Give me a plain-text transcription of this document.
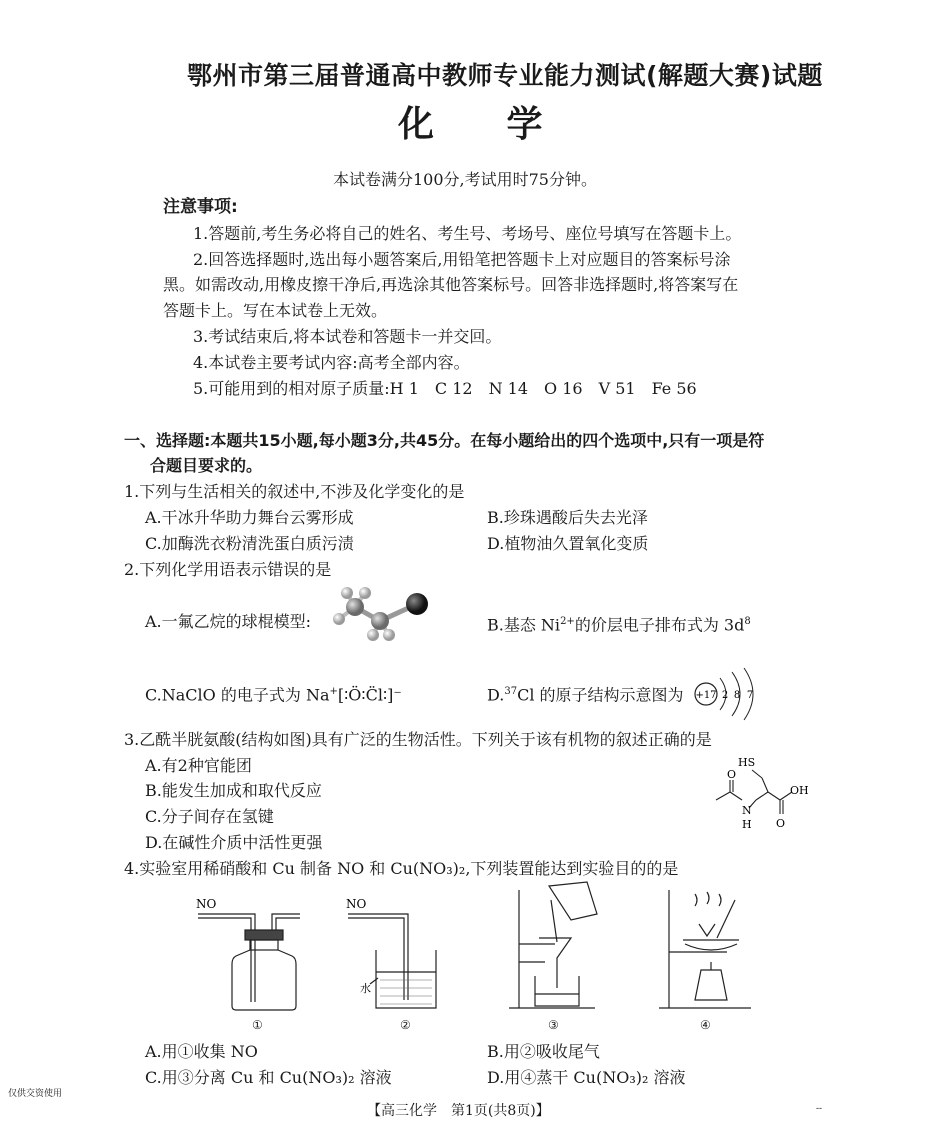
鄂州市第三届普通高中教师专业能力测试(解题大赛)试题
化 学
本试卷满分100分,考试用时75分钟。
注意事项:
1.答题前,考生务必将自己的姓名、考生号、考场号、座位号填写在答题卡上。
2.回答选择题时,选出每小题答案后,用铅笔把答题卡上对应题目的答案标号涂
黑。如需改动,用橡皮擦干净后,再选涂其他答案标号。回答非选择题时,将答案写在
答题卡上。写在本试卷上无效。
3.考试结束后,将本试卷和答题卡一并交回。
4.本试卷主要考试内容:高考全部内容。
5.可能用到的相对原子质量:H 1　C 12　N 14　O 16　V 51　Fe 56
一、选择题:本题共15小题,每小题3分,共45分。在每小题给出的四个选项中,只有一项是符
合题目要求的。
1.下列与生活相关的叙述中,不涉及化学变化的是
A.干冰升华助力舞台云雾形成	B.珍珠遇酸后失去光泽
C.加酶洗衣粉清洗蛋白质污渍	D.植物油久置氧化变质
2.下列化学用语表示错误的是
A.一氟乙烷的球棍模型:	B.基态 $Ni^{2+}$的价层电子排布式为 $3d^8$
C.NaClO 的电子式为 Na+[∶Ö∶C̈l∶]⁻	D.$^{37}$Cl 的原子结构示意图为 +17 2 8 7
3.乙酰半胱氨酸(结构如图)具有广泛的生物活性。下列关于该有机物的叙述正确的是
A.有2种官能团
B.能发生加成和取代反应
C.分子间存在氢键
D.在碱性介质中活性更强
HS
O
OH
N
H O
4.实验室用稀硝酸和 Cu 制备 NO 和 Cu(NO₃)₂,下列装置能达到实验目的的是
NO
①
NO
水
②	③	④
A.用①收集 NO	B.用②吸收尾气
C.用③分离 Cu 和 Cu(NO₃)₂ 溶液	D.用④蒸干 Cu(NO₃)₂ 溶液
仅供交资使用
【高三化学　第1页(共8页)】	--
